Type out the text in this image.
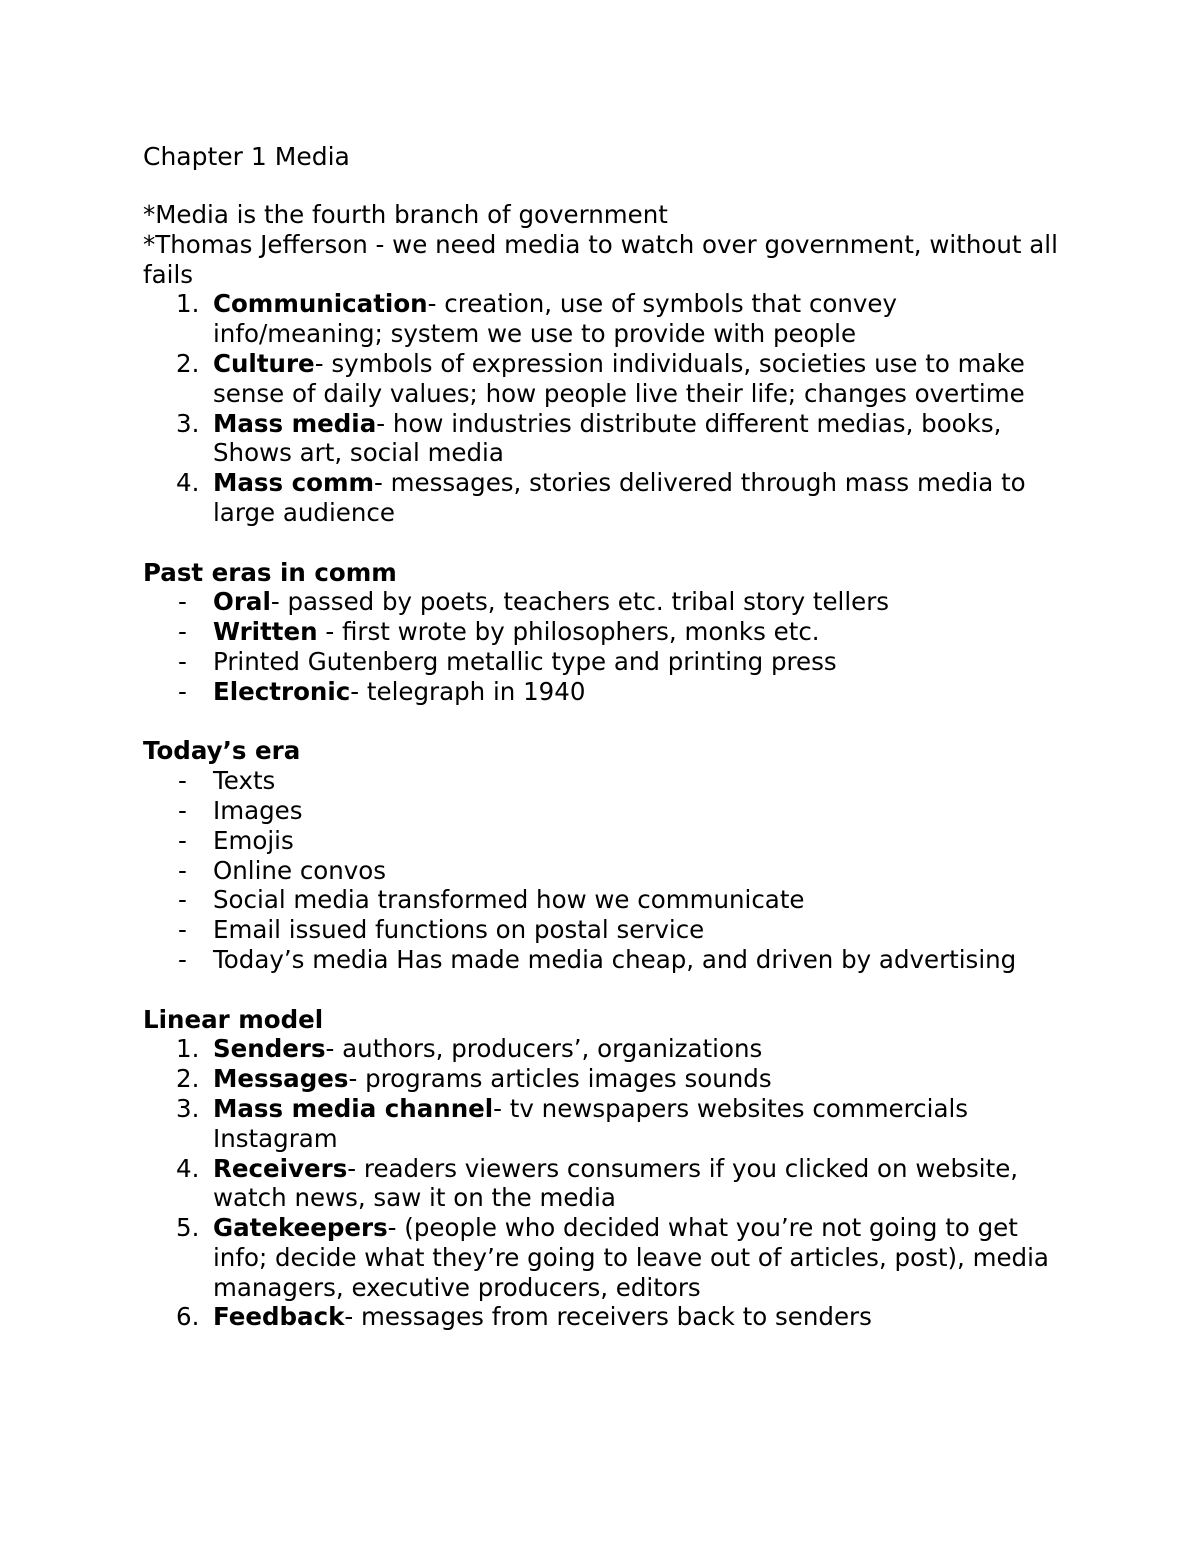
Chapter 1 Media

*Media is the fourth branch of government

*Thomas Jefferson - we need media to watch over government, without all fails

1. Communication- creation, use of symbols that convey info/meaning; system we use to provide with people
2. Culture- symbols of expression individuals, societies use to make sense of daily values; how people live their life; changes overtime
3. Mass media- how industries distribute different medias, books, Shows art, social media
4. Mass comm- messages, stories delivered through mass media to large audience
Past eras in comm
-	Oral- passed by poets, teachers etc. tribal story tellers
-	Written - first wrote by philosophers, monks etc.
-	Printed Gutenberg metallic type and printing press
-	Electronic- telegraph in 1940
Today’s era
-	Texts
-	Images
-	Emojis
-	Online convos
-	Social media transformed how we communicate
-	Email issued functions on postal service
-	Today’s media Has made media cheap, and driven by advertising
Linear model
1. Senders- authors, producers’, organizations
2. Messages- programs articles images sounds
3. Mass media channel- tv newspapers websites commercials Instagram
4. Receivers- readers viewers consumers if you clicked on website, watch news, saw it on the media
5. Gatekeepers- (people who decided what you’re not going to get info; decide what they’re going to leave out of articles, post), media managers, executive producers, editors
6. Feedback- messages from receivers back to senders
